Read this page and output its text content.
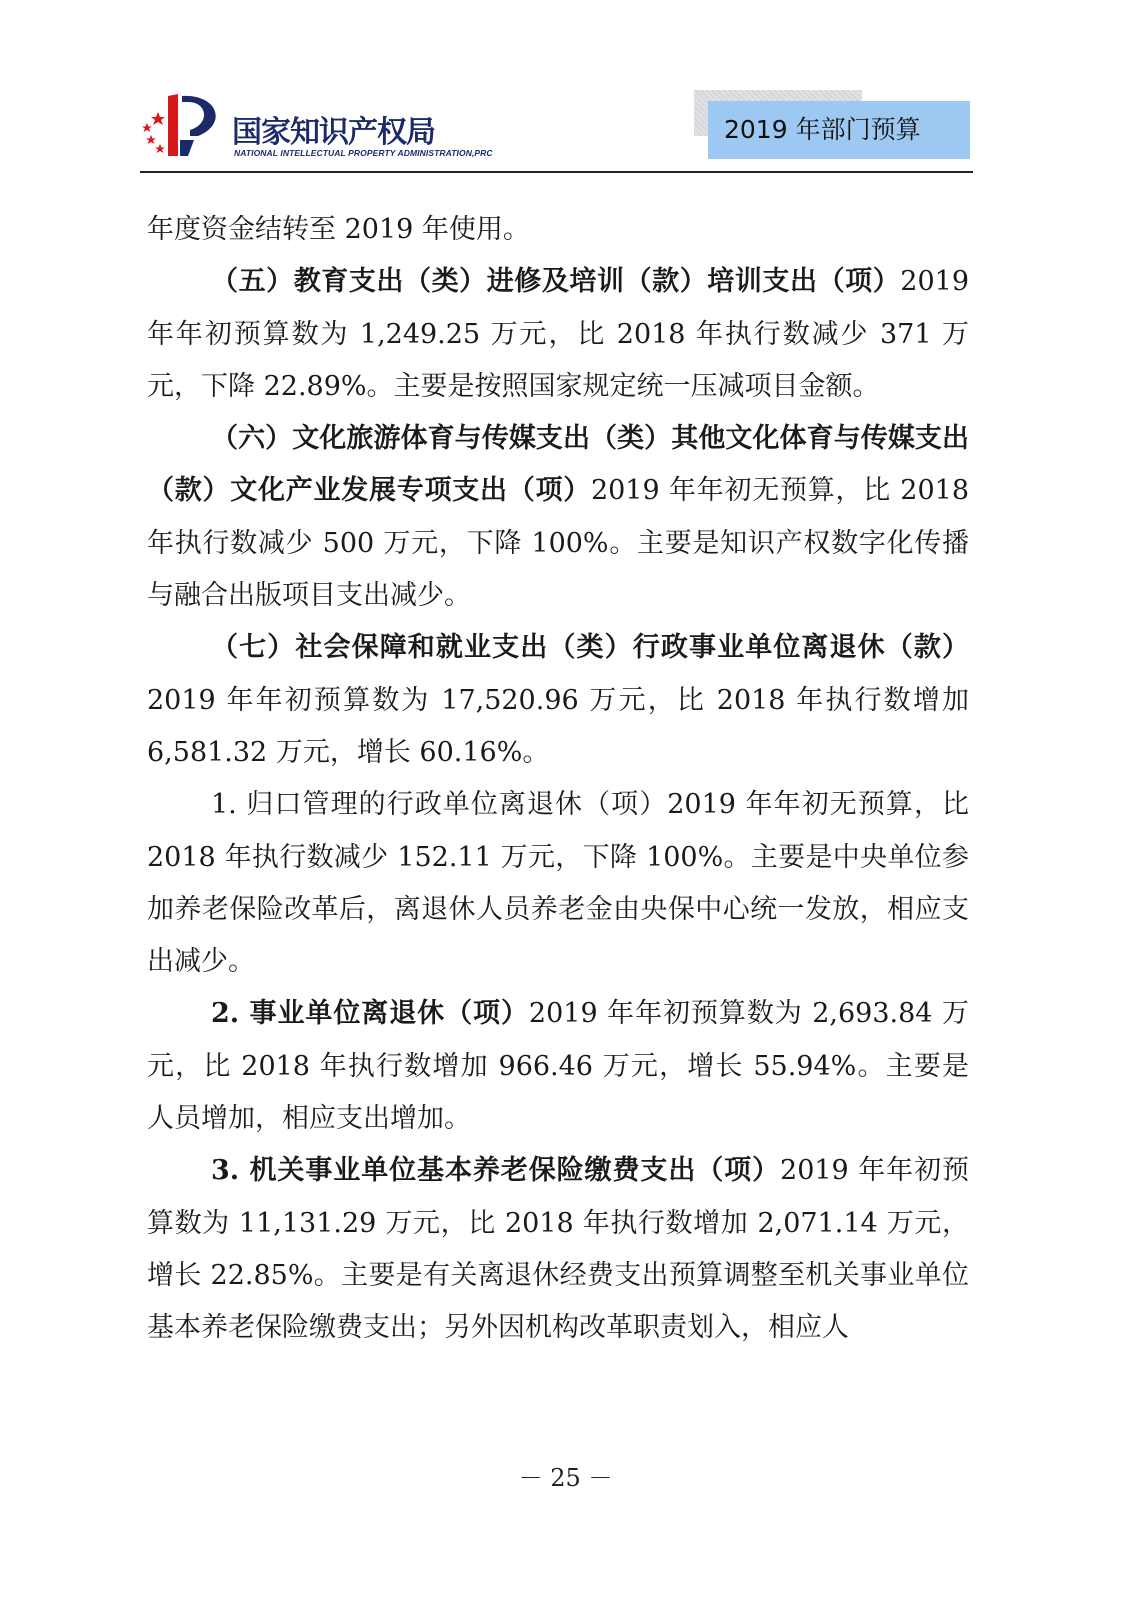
国家知识产权局
NATIONAL INTELLECTUAL PROPERTY ADMINISTRATION,PRC
2019 年部门预算

年度资金结转至 2019 年使用。

（五）教育支出（类）进修及培训（款）培训支出（项）2019 年年初预算数为 1,249.25 万元，比 2018 年执行数减少 371 万元，下降 22.89%。主要是按照国家规定统一压减项目金额。

（六）文化旅游体育与传媒支出（类）其他文化体育与传媒支出（款）文化产业发展专项支出（项）2019 年年初无预算，比 2018 年执行数减少 500 万元，下降 100%。主要是知识产权数字化传播与融合出版项目支出减少。

（七）社会保障和就业支出（类）行政事业单位离退休（款）2019 年年初预算数为 17,520.96 万元，比 2018 年执行数增加 6,581.32 万元，增长 60.16%。

1. 归口管理的行政单位离退休（项）2019 年年初无预算，比 2018 年执行数减少 152.11 万元，下降 100%。主要是中央单位参加养老保险改革后，离退休人员养老金由央保中心统一发放，相应支出减少。

2. 事业单位离退休（项）2019 年年初预算数为 2,693.84 万元，比 2018 年执行数增加 966.46 万元，增长 55.94%。主要是人员增加，相应支出增加。

3. 机关事业单位基本养老保险缴费支出（项）2019 年年初预算数为 11,131.29 万元，比 2018 年执行数增加 2,071.14 万元，增长 22.85%。主要是有关离退休经费支出预算调整至机关事业单位基本养老保险缴费支出；另外因机构改革职责划入，相应人

－ 25 －
